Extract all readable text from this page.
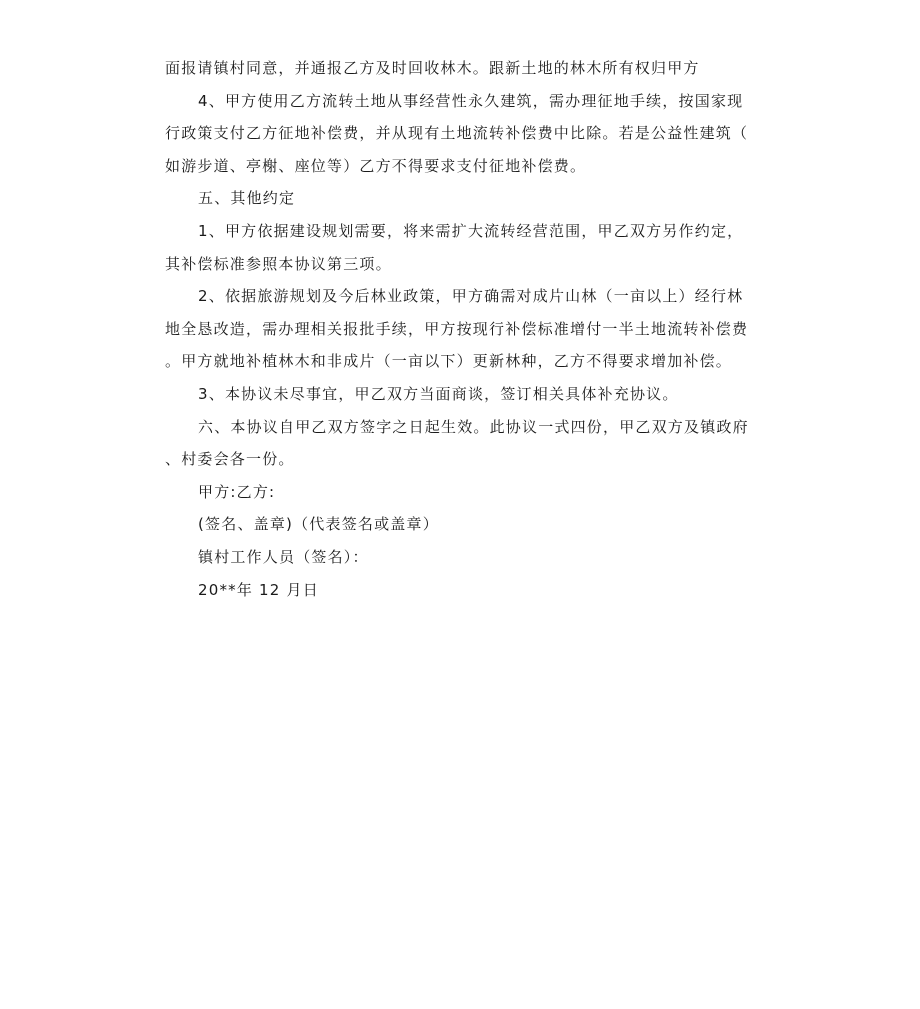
面报请镇村同意，并通报乙方及时回收林木。跟新土地的林木所有权归甲方
4、甲方使用乙方流转土地从事经营性永久建筑，需办理征地手续，按国家现
行政策支付乙方征地补偿费，并从现有土地流转补偿费中比除。若是公益性建筑（
如游步道、亭榭、座位等）乙方不得要求支付征地补偿费。
五、其他约定
1、甲方依据建设规划需要，将来需扩大流转经营范围，甲乙双方另作约定，
其补偿标准参照本协议第三项。
2、依据旅游规划及今后林业政策，甲方确需对成片山林（一亩以上）经行林
地全恳改造，需办理相关报批手续，甲方按现行补偿标准增付一半土地流转补偿费
。甲方就地补植林木和非成片（一亩以下）更新林种，乙方不得要求增加补偿。
3、本协议未尽事宜，甲乙双方当面商谈，签订相关具体补充协议。
六、本协议自甲乙双方签字之日起生效。此协议一式四份，甲乙双方及镇政府
、村委会各一份。
甲方:乙方:
(签名、盖章)（代表签名或盖章）
镇村工作人员（签名）：
20**年 12 月日
